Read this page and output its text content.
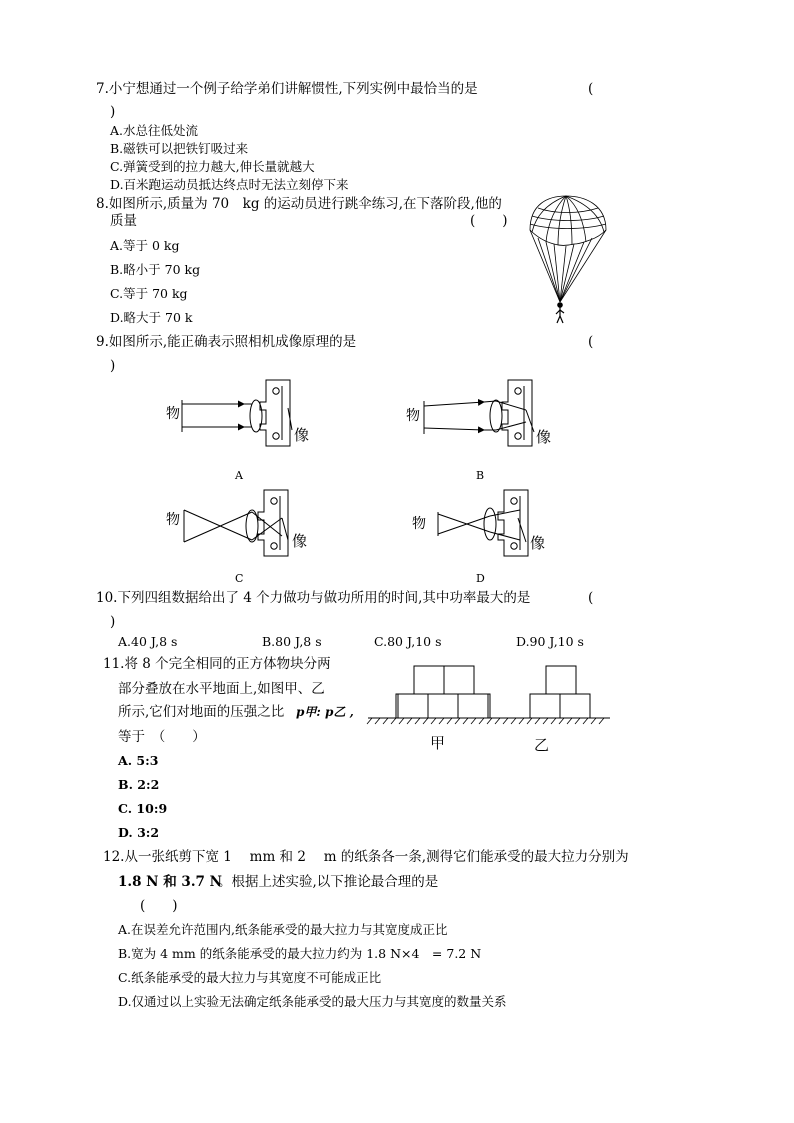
7.小宁想通过一个例子给学弟们讲解惯性,下列实例中最恰当的是	(
)
A.水总往低处流
B.磁铁可以把铁钉吸过来
C.弹簧受到的拉力越大,伸长量就越大
D.百米跑运动员抵达终点时无法立刻停下来
8.如图所示,质量为 70　kg 的运动员进行跳伞练习,在下落阶段,他的
质量	(　　)
A.等于 0 kg
B.略小于 70 kg
C.等于 70 kg
D.略大于 70 k
9.如图所示,能正确表示照相机成像原理的是	(
)
物
像
A
物
像
B
物
像
C
物
像
D
10.下列四组数据给出了 4 个力做功与做功所用的时间,其中功率最大的是	(
)
A.40 J,8 s	B.80 J,8 s	C.80 J,10 s	D.90 J,10 s
11.将 8 个完全相同的正方体物块分两
部分叠放在水平地面上,如图甲、乙
所示,它们对地面的压强之比 p甲: p乙 ,
等于　（　　）
A. 5:3
B. 2:2
C. 10:9
D. 3:2
甲	乙
12.从一张纸剪下宽 1　 mm 和 2　 m 的纸条各一条,测得它们能承受的最大拉力分别为
1.8 N 和 3.7 N
。根据上述实验,以下推论最合理的是
(　　)
A.在误差允许范围内,纸条能承受的最大拉力与其宽度成正比
B.宽为 4 mm 的纸条能承受的最大拉力约为 1.8 N×4　= 7.2 N
C.纸条能承受的最大拉力与其宽度不可能成正比
D.仅通过以上实验无法确定纸条能承受的最大压力与其宽度的数量关系
